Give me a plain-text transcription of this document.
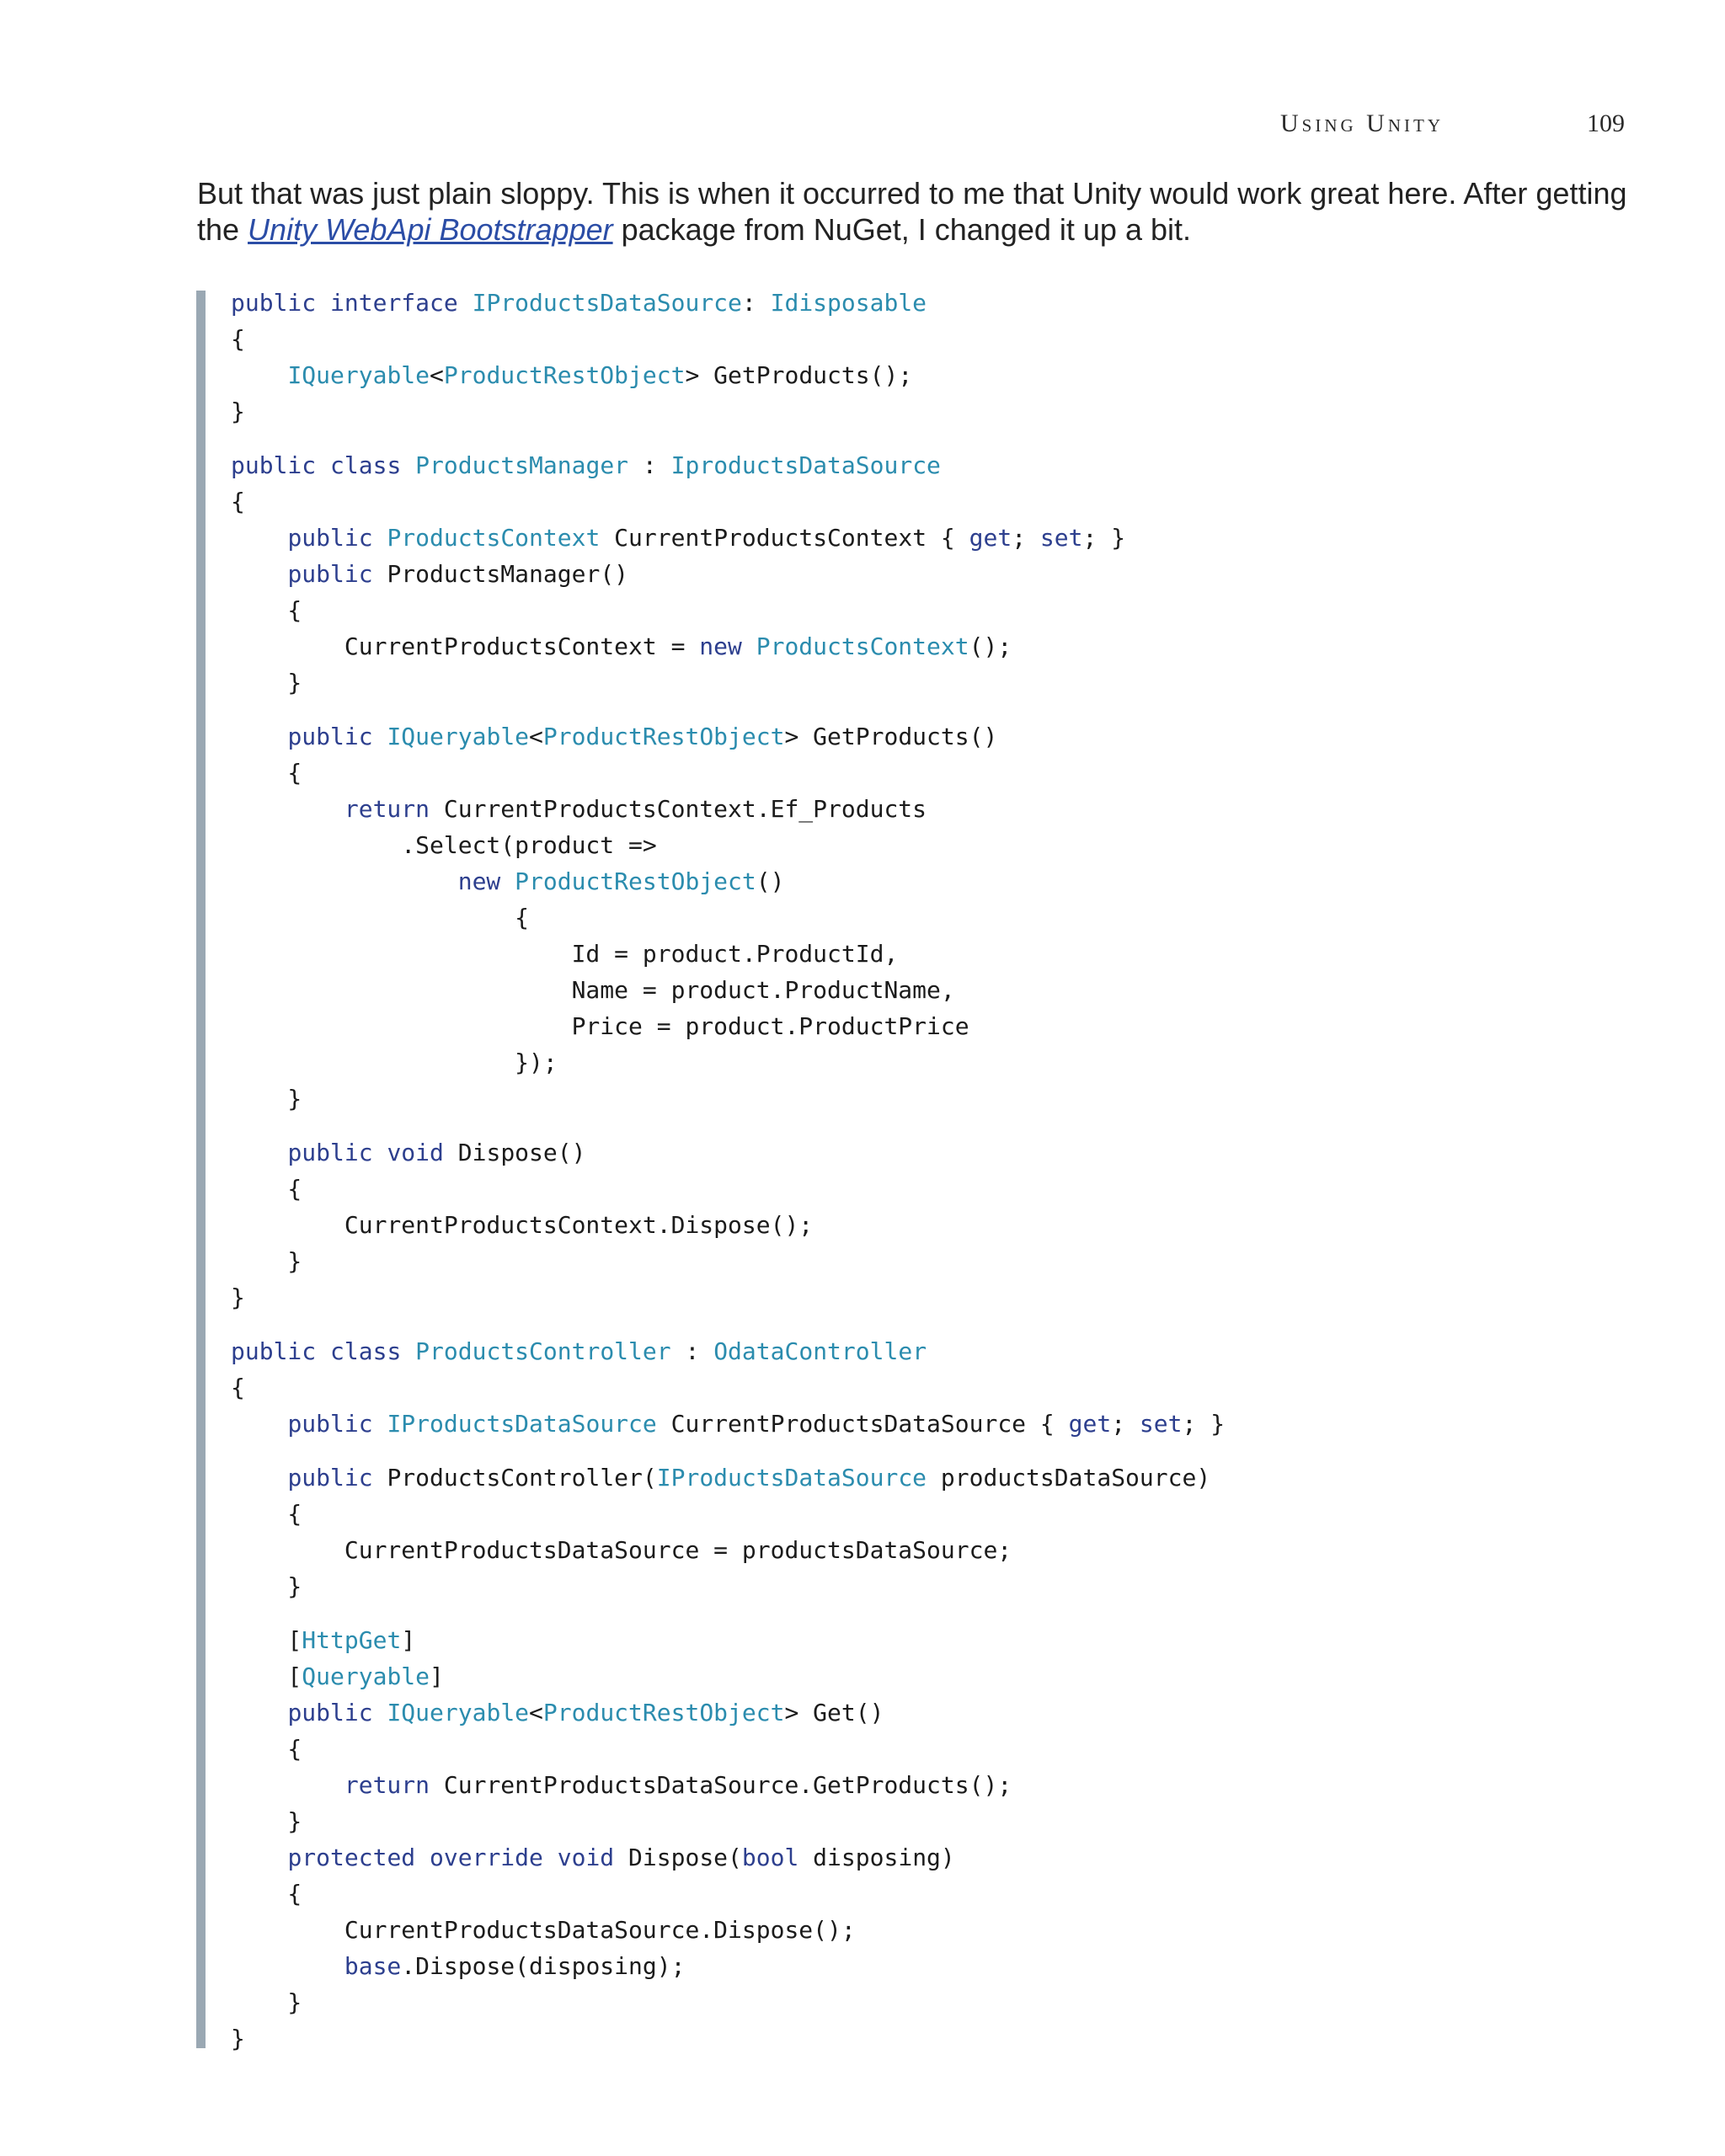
Using Unity	109

But that was just plain sloppy. This is when it occurred to me that Unity would work great here. After getting the Unity WebApi Bootstrapper package from NuGet, I changed it up a bit.

public interface IProductsDataSource: Idisposable
{
IQueryable<ProductRestObject> GetProducts();
}
public class ProductsManager : IproductsDataSource
{
public ProductsContext CurrentProductsContext { get; set; }
public ProductsManager()
{
CurrentProductsContext = new ProductsContext();
}
public IQueryable<ProductRestObject> GetProducts()
{
return CurrentProductsContext.Ef_Products
.Select(product =>
new ProductRestObject()
{
Id = product.ProductId,
Name = product.ProductName,
Price = product.ProductPrice
});
}
public void Dispose()
{
CurrentProductsContext.Dispose();
}
}
public class ProductsController : OdataController
{
public IProductsDataSource CurrentProductsDataSource { get; set; }
public ProductsController(IProductsDataSource productsDataSource)
{
CurrentProductsDataSource = productsDataSource;
}
[HttpGet]
[Queryable]
public IQueryable<ProductRestObject> Get()
{
return CurrentProductsDataSource.GetProducts();
}
protected override void Dispose(bool disposing)
{
CurrentProductsDataSource.Dispose();
base.Dispose(disposing);
}
}
